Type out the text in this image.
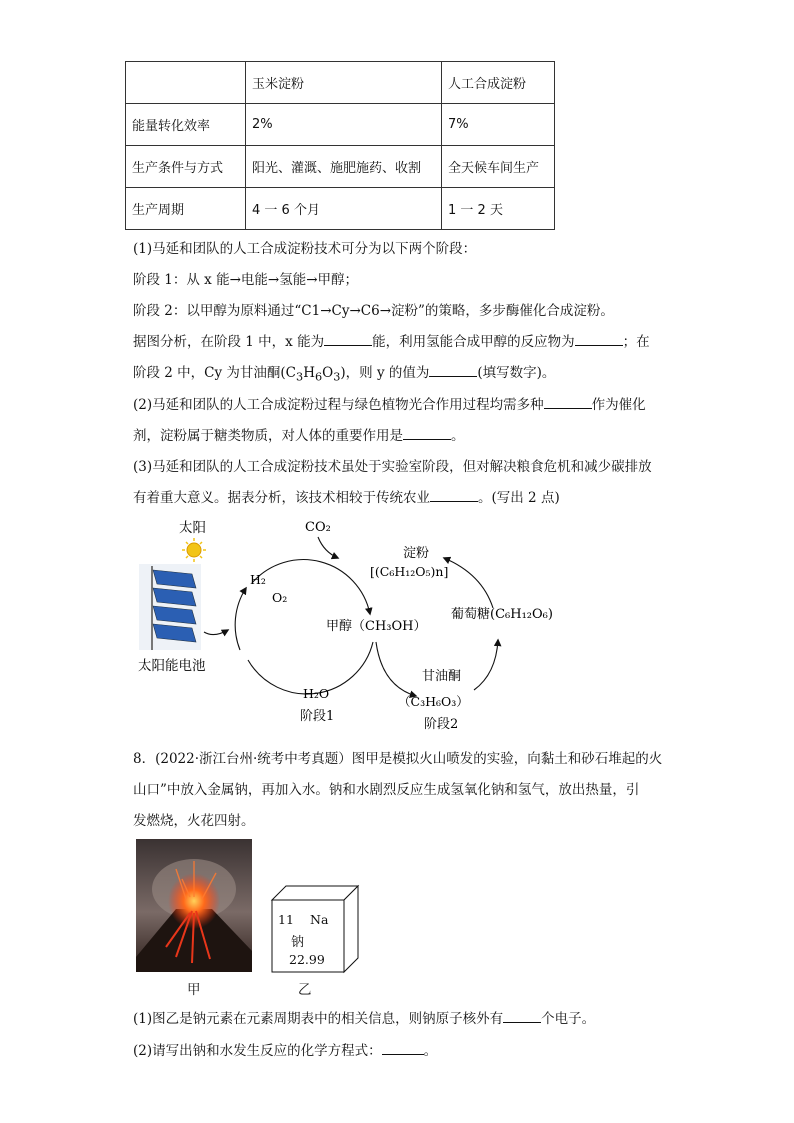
	玉米淀粉	人工合成淀粉
能量转化效率	2%	7%
生产条件与方式	阳光、灌溉、施肥施药、收割	全天候车间生产
生产周期	4 一 6 个月	1 一 2 天
(1)马延和团队的人工合成淀粉技术可分为以下两个阶段：
阶段 1：从 x 能→电能→氢能→甲醇；
阶段 2：以甲醇为原料通过“C1→Cy→C6→淀粉”的策略，多步酶催化合成淀粉。
据图分析，在阶段 1 中，x 能为	能，利用氢能合成甲醇的反应物为	；在
阶段 2 中，Cy 为甘油酮$(C_3H_6O_3)$，则 y 的值为	(填写数字)。
(2)马延和团队的人工合成淀粉过程与绿色植物光合作用过程均需多种	作为催化
剂，淀粉属于糖类物质，对人体的重要作用是	。
(3)马延和团队的人工合成淀粉技术虽处于实验室阶段，但对解决粮食危机和减少碳排放
有着重大意义。据表分析，该技术相较于传统农业	。(写出 2 点)
太阳
太阳能电池
CO₂
H₂
O₂
H₂O
阶段1
甲醇（CH₃OH）
甘油酮
（C₃H₆O₃）
阶段2
葡萄糖(C₆H₁₂O₆)
淀粉
[(C₆H₁₂O₅)n]
8．(2022·浙江台州·统考中考真题）图甲是模拟火山喷发的实验，向黏土和砂石堆起的火
山口”中放入金属钠，再加入水。钠和水剧烈反应生成氢氧化钠和氢气，放出热量，引
发燃烧，火花四射。
甲
11 Na
钠
22.99
乙
(1)图乙是钠元素在元素周期表中的相关信息，则钠原子核外有	个电子。
(2)请写出钠和水发生反应的化学方程式：	。
